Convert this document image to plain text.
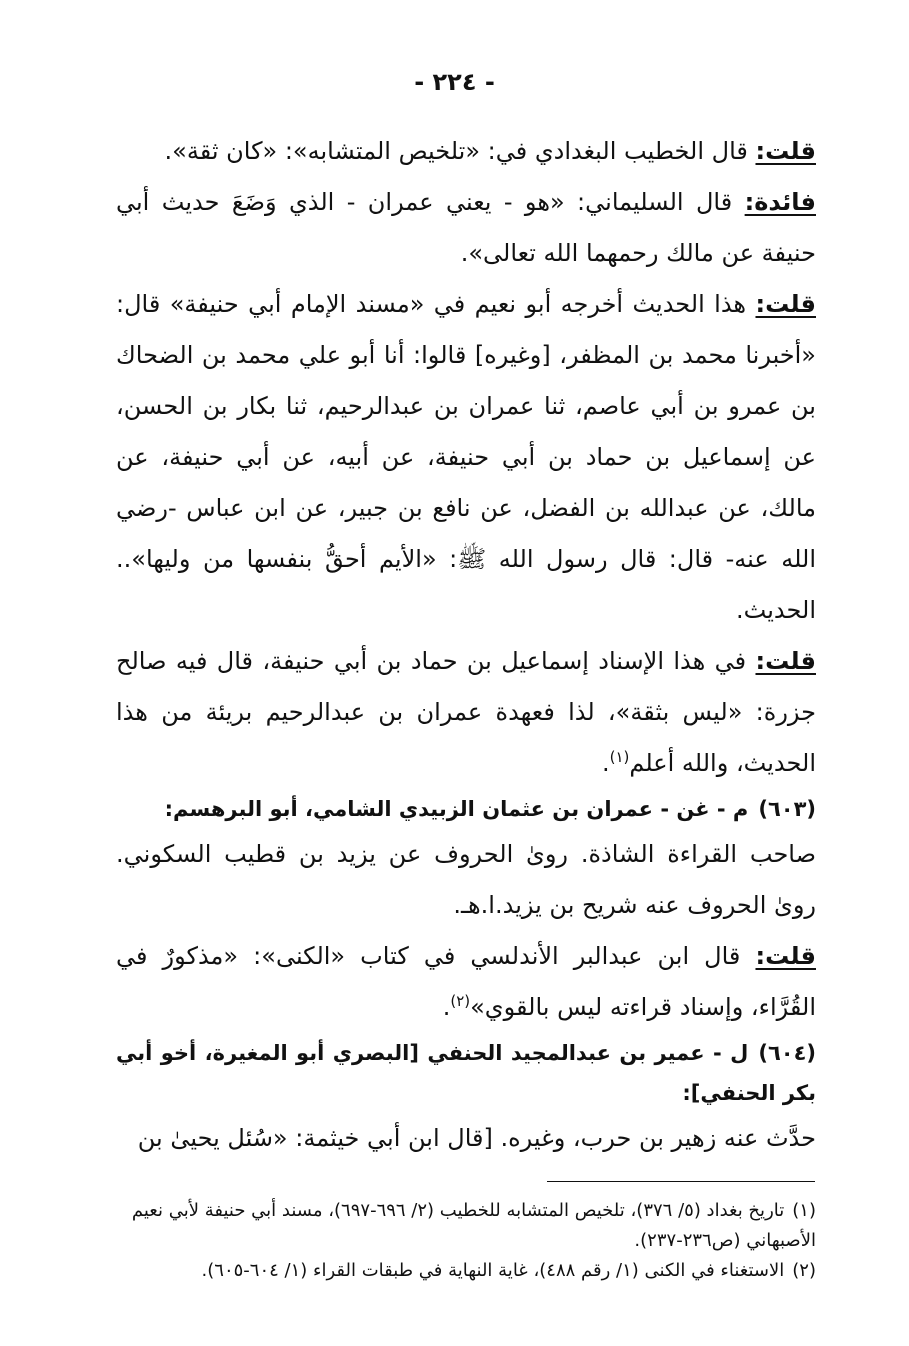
- ٢٢٤ -

قلت: قال الخطيب البغدادي في: «تلخيص المتشابه»: «كان ثقة».

فائدة: قال السليماني: «هو - يعني عمران - الذي وَضَعَ حديث أبي حنيفة عن مالك رحمهما الله تعالى».

قلت: هذا الحديث أخرجه أبو نعيم في «مسند الإمام أبي حنيفة» قال: «أخبرنا محمد بن المظفر، [وغيره] قالوا: أنا أبو علي محمد بن الضحاك بن عمرو بن أبي عاصم، ثنا عمران بن عبدالرحيم، ثنا بكار بن الحسن، عن إسماعيل بن حماد بن أبي حنيفة، عن أبيه، عن أبي حنيفة، عن مالك، عن عبدالله بن الفضل، عن نافع بن جبير، عن ابن عباس -رضي الله عنه- قال: قال رسول الله ﷺ: «الأيم أحقُّ بنفسها من وليها».. الحديث.

قلت: في هذا الإسناد إسماعيل بن حماد بن أبي حنيفة، قال فيه صالح جزرة: «ليس بثقة»، لذا فعهدة عمران بن عبدالرحيم بريئة من هذا الحديث، والله أعلم$^{(١)}$.

(٦٠٣)م - غن - عمران بن عثمان الزبيدي الشامي، أبو البرهسم:

صاحب القراءة الشاذة. روىٰ الحروف عن يزيد بن قطيب السكوني. روىٰ الحروف عنه شريح بن يزيد.ا.هـ.

قلت: قال ابن عبدالبر الأندلسي في كتاب «الكنى»: «مذكورٌ في القُرَّاء، وإسناد قراءته ليس بالقوي»$^{(٢)}$.

(٦٠٤)ل - عمير بن عبدالمجيد الحنفي [البصري أبو المغيرة، أخو أبي بكر الحنفي]:

حدَّث عنه زهير بن حرب، وغيره. [قال ابن أبي خيثمة: «سُئل يحيىٰ بن

(١)تاريخ بغداد (٥/ ٣٧٦)، تلخيص المتشابه للخطيب (٢/ ٦٩٦-٦٩٧)، مسند أبي حنيفة لأبي نعيم الأصبهاني (ص٢٣٦-٢٣٧).

(٢)الاستغناء في الكنى (١/ رقم ٤٨٨)، غاية النهاية في طبقات القراء (١/ ٦٠٤-٦٠٥).
